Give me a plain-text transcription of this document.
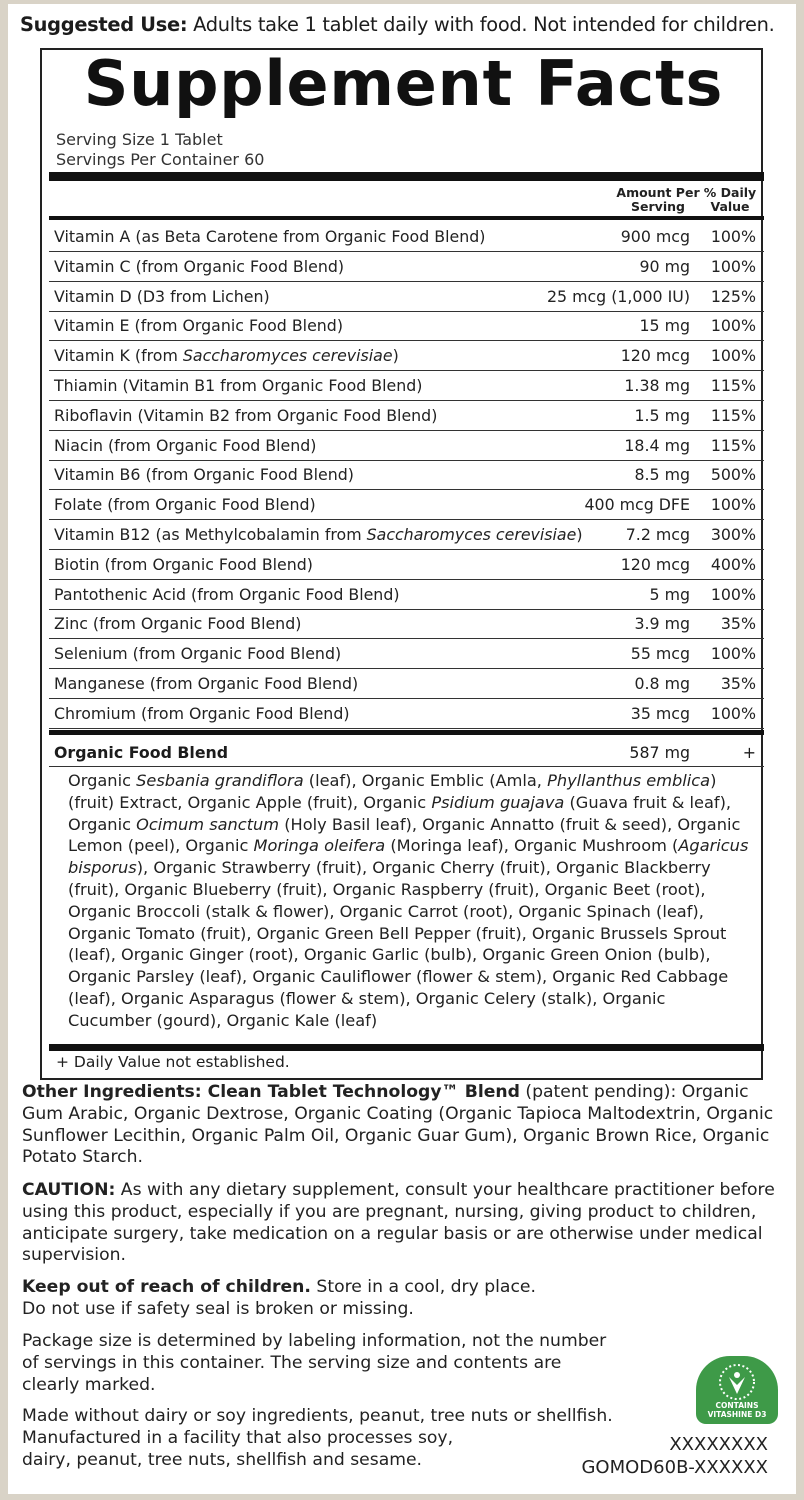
Suggested Use: Adults take 1 tablet daily with food. Not intended for children.
Supplement Facts
Serving Size 1 Tablet
Servings Per Container 60
Amount Per Serving
% Daily Value
Vitamin A (as Beta Carotene from Organic Food Blend)	900 mcg 100%
Vitamin C (from Organic Food Blend)	90 mg 100%
Vitamin D (D3 from Lichen)	25 mcg (1,000 IU) 125%
Vitamin E (from Organic Food Blend)	15 mg 100%
Vitamin K (from Saccharomyces cerevisiae)	120 mcg 100%
Thiamin (Vitamin B1 from Organic Food Blend)	1.38 mg 115%
Riboflavin (Vitamin B2 from Organic Food Blend)	1.5 mg 115%
Niacin (from Organic Food Blend)	18.4 mg 115%
Vitamin B6 (from Organic Food Blend)	8.5 mg 500%
Folate (from Organic Food Blend)	400 mcg DFE 100%
Vitamin B12 (as Methylcobalamin from Saccharomyces cerevisiae)	7.2 mcg 300%
Biotin (from Organic Food Blend)	120 mcg 400%
Pantothenic Acid (from Organic Food Blend)	5 mg 100%
Zinc (from Organic Food Blend)	3.9 mg 35%
Selenium (from Organic Food Blend)	55 mcg 100%
Manganese (from Organic Food Blend)	0.8 mg 35%
Chromium (from Organic Food Blend)	35 mcg 100%
Organic Food Blend	587 mg	+
Organic Sesbania grandiflora (leaf), Organic Emblic (Amla, Phyllanthus emblica) (fruit) Extract, Organic Apple (fruit), Organic Psidium guajava (Guava fruit & leaf), Organic Ocimum sanctum (Holy Basil leaf), Organic Annatto (fruit & seed), Organic Lemon (peel), Organic Moringa oleifera (Moringa leaf), Organic Mushroom (Agaricus bisporus), Organic Strawberry (fruit), Organic Cherry (fruit), Organic Blackberry (fruit), Organic Blueberry (fruit), Organic Raspberry (fruit), Organic Beet (root), Organic Broccoli (stalk & flower), Organic Carrot (root), Organic Spinach (leaf), Organic Tomato (fruit), Organic Green Bell Pepper (fruit), Organic Brussels Sprout (leaf), Organic Ginger (root), Organic Garlic (bulb), Organic Green Onion (bulb), Organic Parsley (leaf), Organic Cauliflower (flower & stem), Organic Red Cabbage (leaf), Organic Asparagus (flower & stem), Organic Celery (stalk), Organic Cucumber (gourd), Organic Kale (leaf)
+ Daily Value not established.
Other Ingredients: Clean Tablet Technology™ Blend (patent pending): Organic Gum Arabic, Organic Dextrose, Organic Coating (Organic Tapioca Maltodextrin, Organic Sunflower Lecithin, Organic Palm Oil, Organic Guar Gum), Organic Brown Rice, Organic Potato Starch.
CAUTION: As with any dietary supplement, consult your healthcare practitioner before using this product, especially if you are pregnant, nursing, giving product to children, anticipate surgery, take medication on a regular basis or are otherwise under medical supervision.
Keep out of reach of children. Store in a cool, dry place.
Do not use if safety seal is broken or missing.
Package size is determined by labeling information, not the number
of servings in this container. The serving size and contents are
clearly marked.
Made without dairy or soy ingredients, peanut, tree nuts or shellfish.
Manufactured in a facility that also processes soy,
dairy, peanut, tree nuts, shellfish and sesame.
CONTAINS
VITASHINE D3
XXXXXXXX
GOMOD60B-XXXXXX
